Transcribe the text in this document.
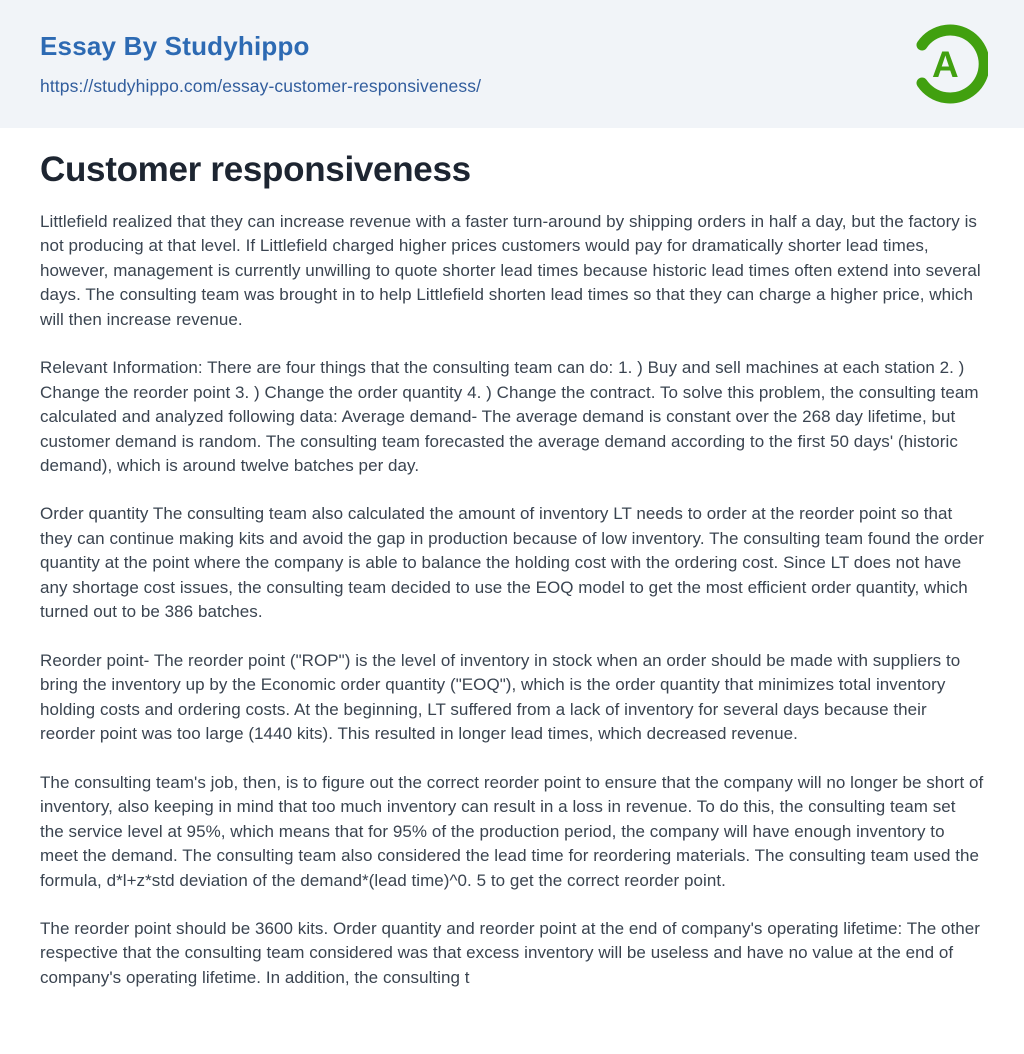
Essay By Studyhippo
https://studyhippo.com/essay-customer-responsiveness/
A
Customer responsiveness

Littlefield realized that they can increase revenue with a faster turn-around by shipping orders in half a day, but the factory is not producing at that level. If Littlefield charged higher prices customers would pay for dramatically shorter lead times, however, management is currently unwilling to quote shorter lead times because historic lead times often extend into several days. The consulting team was brought in to help Littlefield shorten lead times so that they can charge a higher price, which will then increase revenue.

Relevant Information: There are four things that the consulting team can do: 1. ) Buy and sell machines at each station 2. ) Change the reorder point 3. ) Change the order quantity 4. ) Change the contract. To solve this problem, the consulting team calculated and analyzed following data: Average demand- The average demand is constant over the 268 day lifetime, but customer demand is random. The consulting team forecasted the average demand according to the first 50 days' (historic demand), which is around twelve batches per day.

Order quantity The consulting team also calculated the amount of inventory LT needs to order at the reorder point so that they can continue making kits and avoid the gap in production because of low inventory. The consulting team found the order quantity at the point where the company is able to balance the holding cost with the ordering cost. Since LT does not have any shortage cost issues, the consulting team decided to use the EOQ model to get the most efficient order quantity, which turned out to be 386 batches.

Reorder point- The reorder point ("ROP") is the level of inventory in stock when an order should be made with suppliers to bring the inventory up by the Economic order quantity ("EOQ"), which is the order quantity that minimizes total inventory holding costs and ordering costs. At the beginning, LT suffered from a lack of inventory for several days because their reorder point was too large (1440 kits). This resulted in longer lead times, which decreased revenue.

The consulting team's job, then, is to figure out the correct reorder point to ensure that the company will no longer be short of inventory, also keeping in mind that too much inventory can result in a loss in revenue. To do this, the consulting team set the service level at 95%, which means that for 95% of the production period, the company will have enough inventory to meet the demand. The consulting team also considered the lead time for reordering materials. The consulting team used the formula, d*l+z*std deviation of the demand*(lead time)^0. 5 to get the correct reorder point.

The reorder point should be 3600 kits. Order quantity and reorder point at the end of company's operating lifetime: The other respective that the consulting team considered was that excess inventory will be useless and have no value at the end of company's operating lifetime. In addition, the consulting t
